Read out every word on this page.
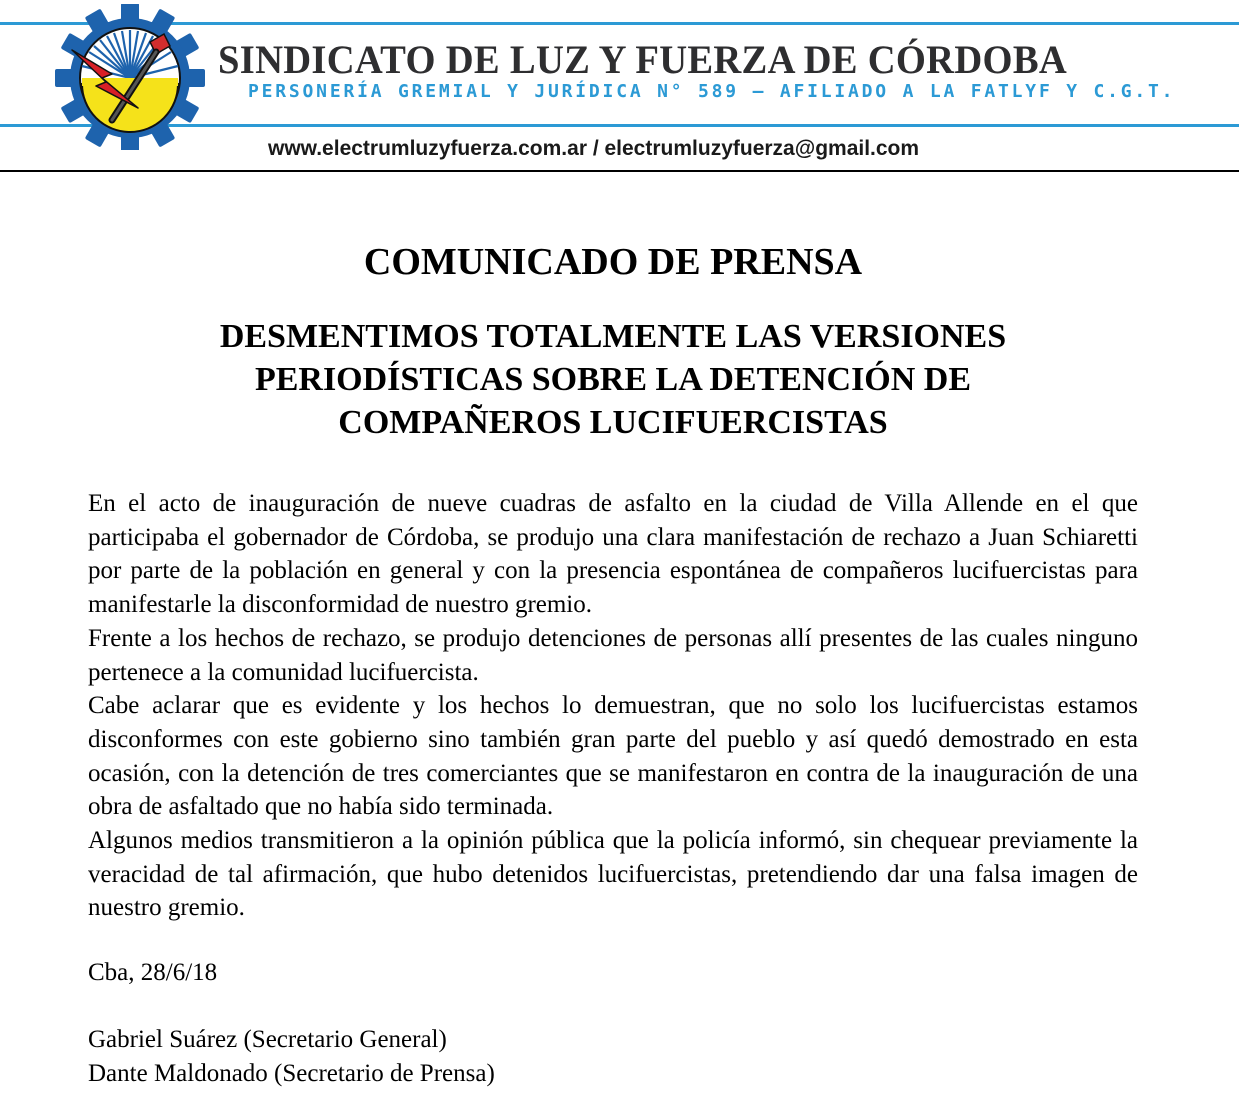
SINDICATO DE LUZ Y FUERZA DE CÓRDOBA
PERSONERÍA GREMIAL Y JURÍDICA N° 589 — AFILIADO A LA FATLYF Y C.G.T.
www.electrumluzyfuerza.com.ar / electrumluzyfuerza@gmail.com
COMUNICADO DE PRENSA
DESMENTIMOS TOTALMENTE LAS VERSIONES PERIODÍSTICAS SOBRE LA DETENCIÓN DE COMPAÑEROS LUCIFUERCISTAS

En el acto de inauguración de nueve cuadras de asfalto en la ciudad de Villa Allende en el que participaba el gobernador de Córdoba, se produjo una clara manifestación de rechazo a Juan Schiaretti por parte de la población en general y con la presencia espontánea de compañeros lucifuercistas para manifestarle la disconformidad de nuestro gremio.

Frente a los hechos de rechazo, se produjo detenciones de personas allí presentes de las cuales ninguno pertenece a la comunidad lucifuercista.

Cabe aclarar que es evidente y los hechos lo demuestran, que no solo los lucifuercistas estamos disconformes con este gobierno sino también gran parte del pueblo y así quedó demostrado en esta ocasión, con la detención de tres comerciantes que se manifestaron en contra de la inauguración de una obra de asfaltado que no había sido terminada.

Algunos medios transmitieron a la opinión pública que la policía informó, sin chequear previamente la veracidad de tal afirmación, que hubo detenidos lucifuercistas, pretendiendo dar una falsa imagen de nuestro gremio.

Cba, 28/6/18
Gabriel Suárez (Secretario General)
Dante Maldonado (Secretario de Prensa)
